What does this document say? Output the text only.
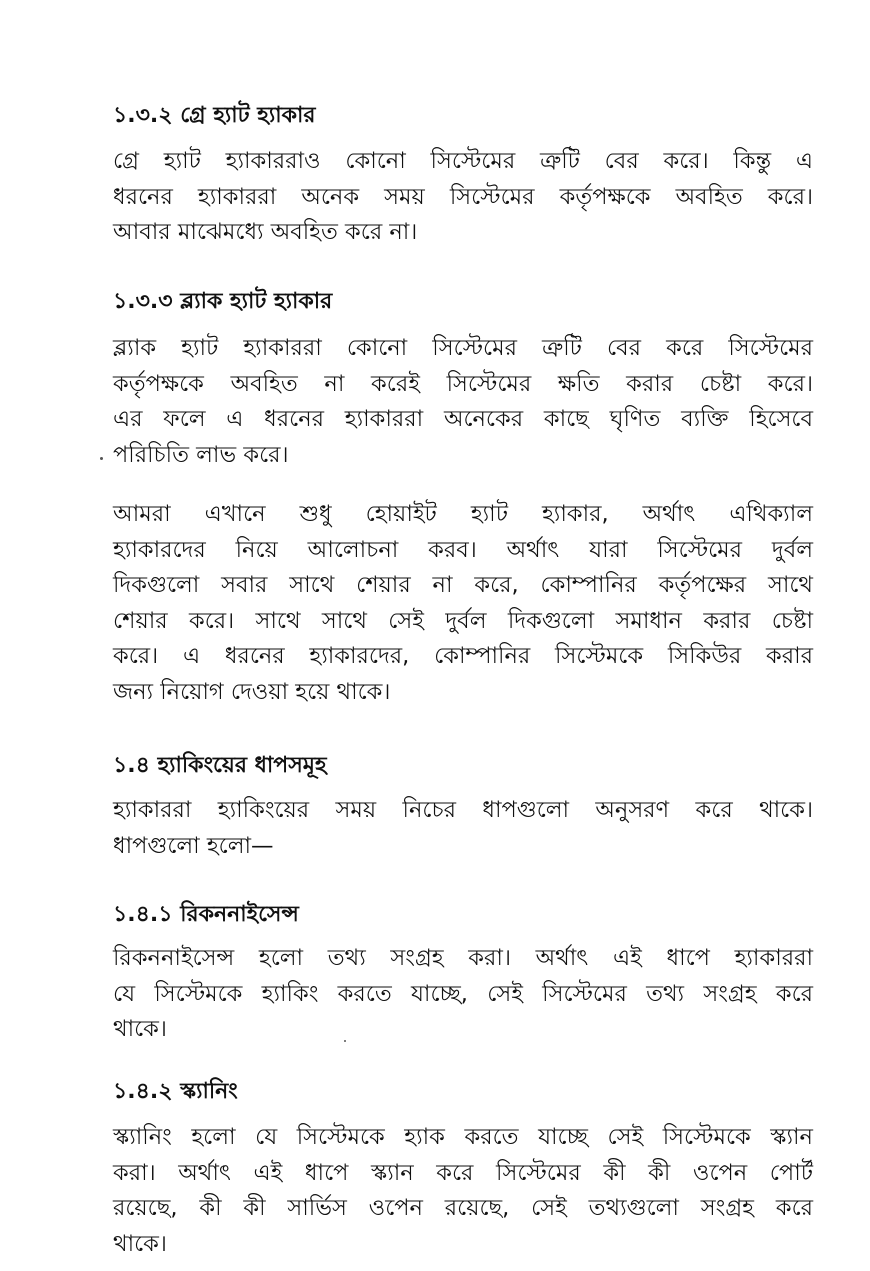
১.৩.২ গ্রে হ্যাট হ্যাকার
গ্রে হ্যাট হ্যাকাররাও কোনো সিস্টেমের ত্রুটি বের করে। কিন্তু এ
ধরনের হ্যাকাররা অনেক সময় সিস্টেমের কর্তৃপক্ষকে অবহিত করে।
আবার মাঝেমধ্যে অবহিত করে না।
১.৩.৩ ব্ল্যাক হ্যাট হ্যাকার
ব্ল্যাক হ্যাট হ্যাকাররা কোনো সিস্টেমের ত্রুটি বের করে সিস্টেমের
কর্তৃপক্ষকে অবহিত না করেই সিস্টেমের ক্ষতি করার চেষ্টা করে।
এর ফলে এ ধরনের হ্যাকাররা অনেকের কাছে ঘৃণিত ব্যক্তি হিসেবে
পরিচিতি লাভ করে।
আমরা এখানে শুধু হোয়াইট হ্যাট হ্যাকার, অর্থাৎ এথিক্যাল
হ্যাকারদের নিয়ে আলোচনা করব। অর্থাৎ যারা সিস্টেমের দুর্বল
দিকগুলো সবার সাথে শেয়ার না করে, কোম্পানির কর্তৃপক্ষের সাথে
শেয়ার করে। সাথে সাথে সেই দুর্বল দিকগুলো সমাধান করার চেষ্টা
করে। এ ধরনের হ্যাকারদের, কোম্পানির সিস্টেমকে সিকিউর করার
জন্য নিয়োগ দেওয়া হয়ে থাকে।
১.৪ হ্যাকিংয়ের ধাপসমূহ
হ্যাকাররা হ্যাকিংয়ের সময় নিচের ধাপগুলো অনুসরণ করে থাকে।
ধাপগুলো হলো—
১.৪.১ রিকননাইসেন্স
রিকননাইসেন্স হলো তথ্য সংগ্রহ করা। অর্থাৎ এই ধাপে হ্যাকাররা
যে সিস্টেমকে হ্যাকিং করতে যাচ্ছে, সেই সিস্টেমের তথ্য সংগ্রহ করে
থাকে।
১.৪.২ স্ক্যানিং
স্ক্যানিং হলো যে সিস্টেমকে হ্যাক করতে যাচ্ছে সেই সিস্টেমকে স্ক্যান
করা। অর্থাৎ এই ধাপে স্ক্যান করে সিস্টেমের কী কী ওপেন পোর্ট
রয়েছে, কী কী সার্ভিস ওপেন রয়েছে, সেই তথ্যগুলো সংগ্রহ করে
থাকে।
